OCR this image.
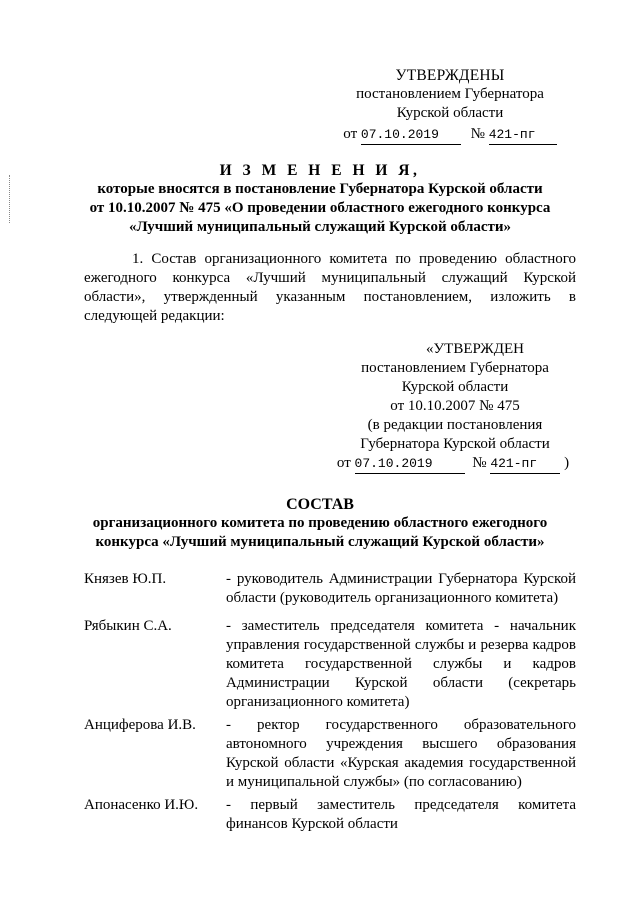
УТВЕРЖДЕНЫ
постановлением Губернатора
Курской области
от 07.10.2019 № 421-пг
И З М Е Н Е Н И Я,
которые вносятся в постановление Губернатора Курской области
от 10.10.2007 № 475 «О проведении областного ежегодного конкурса
«Лучший муниципальный служащий Курской области»
1. Состав организационного комитета по проведению областного
ежегодного конкурса «Лучший муниципальный служащий Курской
области», утвержденный указанным постановлением, изложить в
следующей редакции:
«УТВЕРЖДЕН
постановлением Губернатора
Курской области
от 10.10.2007 № 475
(в редакции постановления
Губернатора Курской области
от 07.10.2019	№ 421-пг )
СОСТАВ
организационного комитета по проведению областного ежегодного
конкурса «Лучший муниципальный служащий Курской области»
Князев Ю.П.	- руководитель Администрации Губернатора Курской
области (руководитель организационного комитета)
Рябыкин С.А.	- заместитель председателя комитета - начальник
управления государственной службы и резерва кадров
комитета государственной службы и кадров
Администрации Курской области (секретарь
организационного комитета)
Анциферова И.В. - ректор государственного образовательного
автономного учреждения высшего образования
Курской области «Курская академия государственной
и муниципальной службы» (по согласованию)
Апонасенко И.Ю. - первый заместитель председателя комитета
финансов Курской области
